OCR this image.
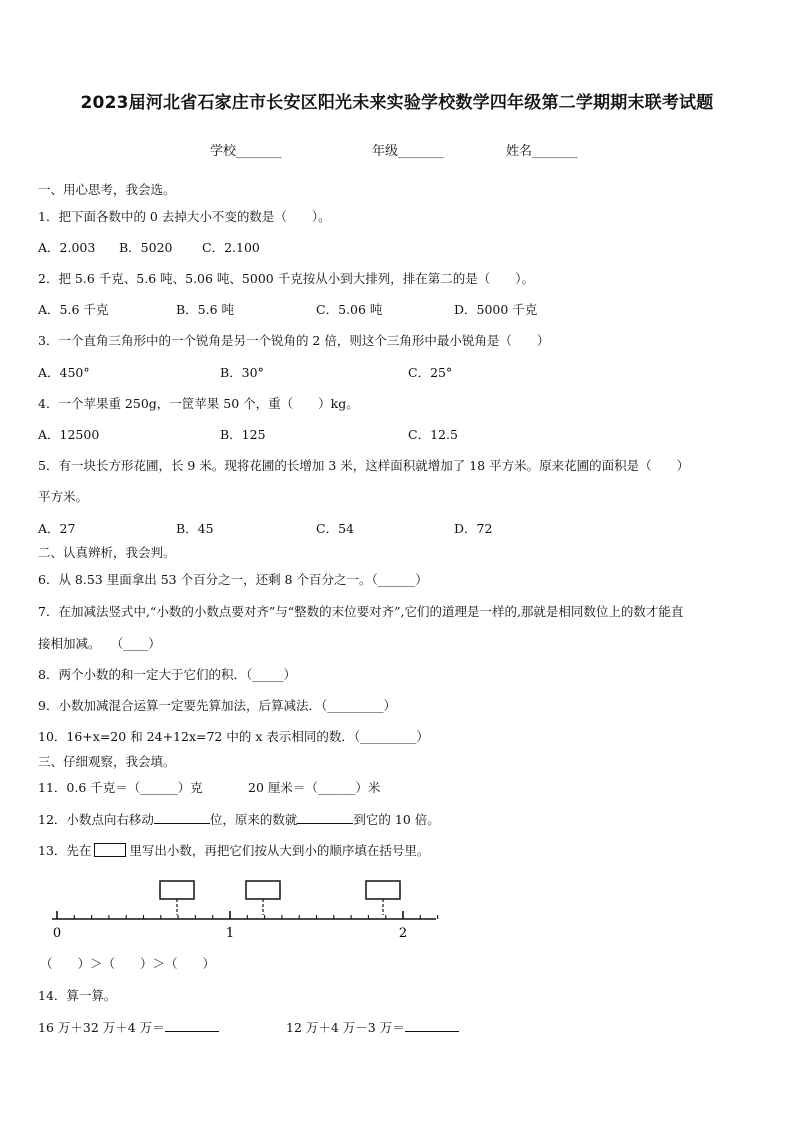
2023届河北省石家庄市长安区阳光未来实验学校数学四年级第二学期期末联考试题
学校_______	年级_______	姓名_______
一、用心思考，我会选。
1．把下面各数中的 0 去掉大小不变的数是（　　）。
A．2.003 B．5020 C．2.100
2．把 5.6 千克、5.6 吨、5.06 吨、5000 千克按从小到大排列，排在第二的是（　　）。
A．5.6 千克	B．5.6 吨	C．5.06 吨	D．5000 千克
3．一个直角三角形中的一个锐角是另一个锐角的 2 倍，则这个三角形中最小锐角是（　　）
A．450°	B．30°	C．25°
4．一个苹果重 250g，一筐苹果 50 个，重（　　）kg。
A．12500	B．125	C．12.5
5．有一块长方形花圃，长 9 米。现将花圃的长增加 3 米，这样面积就增加了 18 平方米。原来花圃的面积是（　　）
平方米。
A．27	B．45	C．54	D．72
二、认真辨析，我会判。
6．从 8.53 里面拿出 53 个百分之一，还剩 8 个百分之一。（______）
7．在加减法竖式中,“小数的小数点要对齐”与“整数的末位要对齐”,它们的道理是一样的,那就是相同数位上的数才能直
接相加减。　 （____）
8．两个小数的和一定大于它们的积．（_____）
9．小数加减混合运算一定要先算加法，后算减法．（_________）
10．16+x=20 和 24+12x=72 中的 x 表示相同的数．（_________）
三、仔细观察，我会填。
11．0.6 千克＝（______）克	20 厘米＝（______）米
12．小数点向右移动	位，原来的数就	到它的 10 倍。
13．先在	里写出小数，再把它们按从大到小的顺序填在括号里。
0	1	2
（　　）＞（　　）＞（　　）
14．算一算。
16 万＋32 万＋4 万＝	12 万＋4 万－3 万＝
